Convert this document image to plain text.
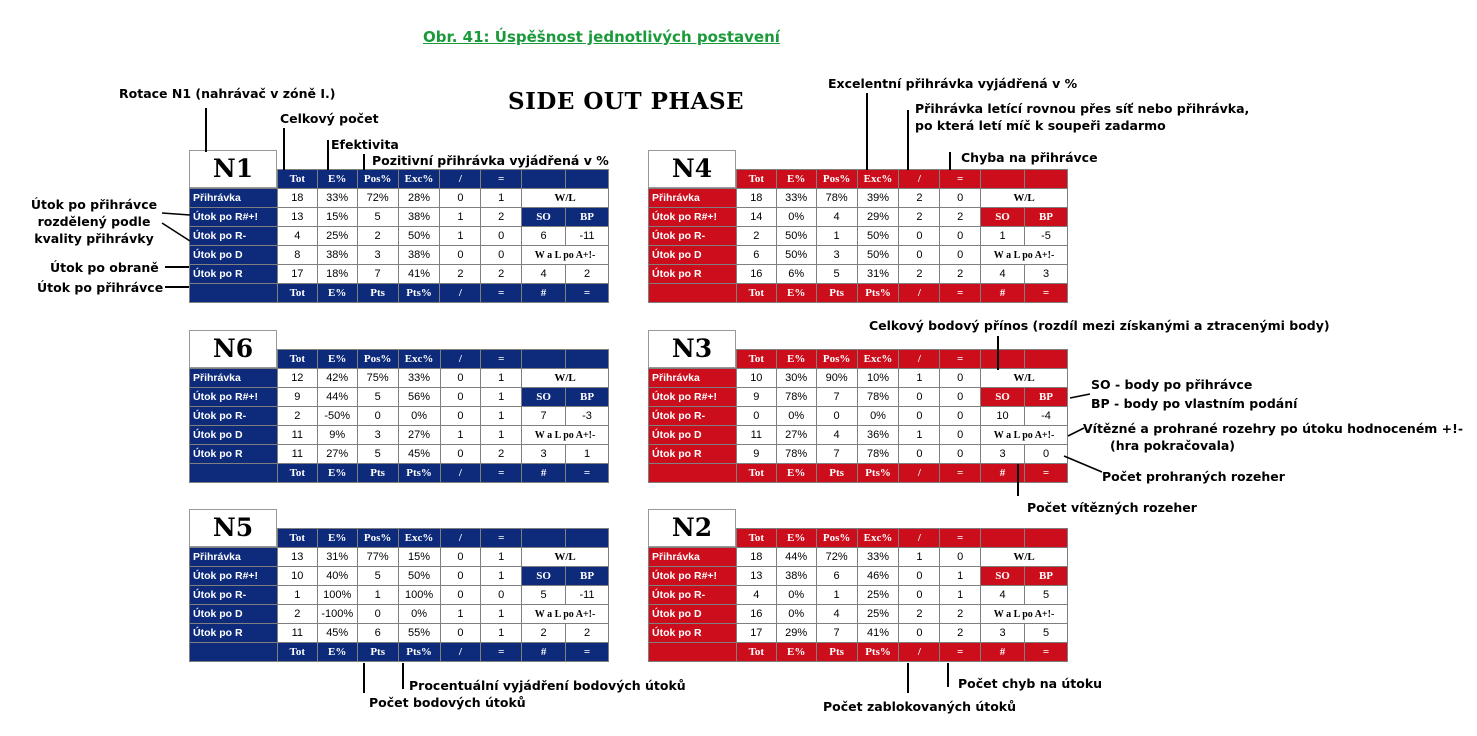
Obr. 41: Úspěšnost jednotlivých postavení
SIDE OUT PHASE
N1
		Tot	E%	Pos%	Exc%	/	=		
Přihrávka	18	33%	72%	28%	0	1	W/L	
Útok po R#+!	13	15%	5	38%	1	2	SO	BP
Útok po R-	4	25%	2	50%	1	0	6	-11
Útok po D	8	38%	3	38%	0	0	W a L po A+!-	
Útok po R	17	18%	7	41%	2	2	4	2
	Tot	E%	Pts	Pts%	/	=	#	=
N6
		Tot	E%	Pos%	Exc%	/	=		
Přihrávka	12	42%	75%	33%	0	1	W/L	
Útok po R#+!	9	44%	5	56%	0	1	SO	BP
Útok po R-	2	-50%	0	0%	0	1	7	-3
Útok po D	11	9%	3	27%	1	1	W a L po A+!-	
Útok po R	11	27%	5	45%	0	2	3	1
	Tot	E%	Pts	Pts%	/	=	#	=
N5
		Tot	E%	Pos%	Exc%	/	=		
Přihrávka	13	31%	77%	15%	0	1	W/L	
Útok po R#+!	10	40%	5	50%	0	1	SO	BP
Útok po R-	1	100%	1	100%	0	0	5	-11
Útok po D	2	-100%	0	0%	1	1	W a L po A+!-	
Útok po R	11	45%	6	55%	0	1	2	2
	Tot	E%	Pts	Pts%	/	=	#	=
N4
		Tot	E%	Pos%	Exc%	/	=		
Přihrávka	18	33%	78%	39%	2	0	W/L	
Útok po R#+!	14	0%	4	29%	2	2	SO	BP
Útok po R-	2	50%	1	50%	0	0	1	-5
Útok po D	6	50%	3	50%	0	0	W a L po A+!-	
Útok po R	16	6%	5	31%	2	2	4	3
	Tot	E%	Pts	Pts%	/	=	#	=
N3
		Tot	E%	Pos%	Exc%	/	=		
Přihrávka	10	30%	90%	10%	1	0	W/L	
Útok po R#+!	9	78%	7	78%	0	0	SO	BP
Útok po R-	0	0%	0	0%	0	0	10	-4
Útok po D	11	27%	4	36%	1	0	W a L po A+!-	
Útok po R	9	78%	7	78%	0	0	3	0
	Tot	E%	Pts	Pts%	/	=	#	=
N2
		Tot	E%	Pos%	Exc%	/	=		
Přihrávka	18	44%	72%	33%	1	0	W/L	
Útok po R#+!	13	38%	6	46%	0	1	SO	BP
Útok po R-	4	0%	1	25%	0	1	4	5
Útok po D	16	0%	4	25%	2	2	W a L po A+!-	
Útok po R	17	29%	7	41%	0	2	3	5
	Tot	E%	Pts	Pts%	/	=	#	=
Rotace N1 (nahrávač v zóně I.)
Celkový počet
Efektivita
Pozitivní přihrávka vyjádřená v %
Útok po přihrávce
rozdělený podle
kvality přihrávky
Útok po obraně
Útok po přihrávce
Excelentní přihrávka vyjádřená v %
Přihrávka letící rovnou přes síť nebo přihrávka,
po která letí míč k soupeři zadarmo
Chyba na přihrávce
Celkový bodový přínos (rozdíl mezi získanými a ztracenými body)
SO - body po přihrávce
BP - body po vlastním podání
Vítězné a prohrané rozehry po útoku hodnoceném +!-
(hra pokračovala)
Počet prohraných rozeher
Počet vítězných rozeher
Procentuální vyjádření bodových útoků
Počet bodových útoků
Počet chyb na útoku
Počet zablokovaných útoků
